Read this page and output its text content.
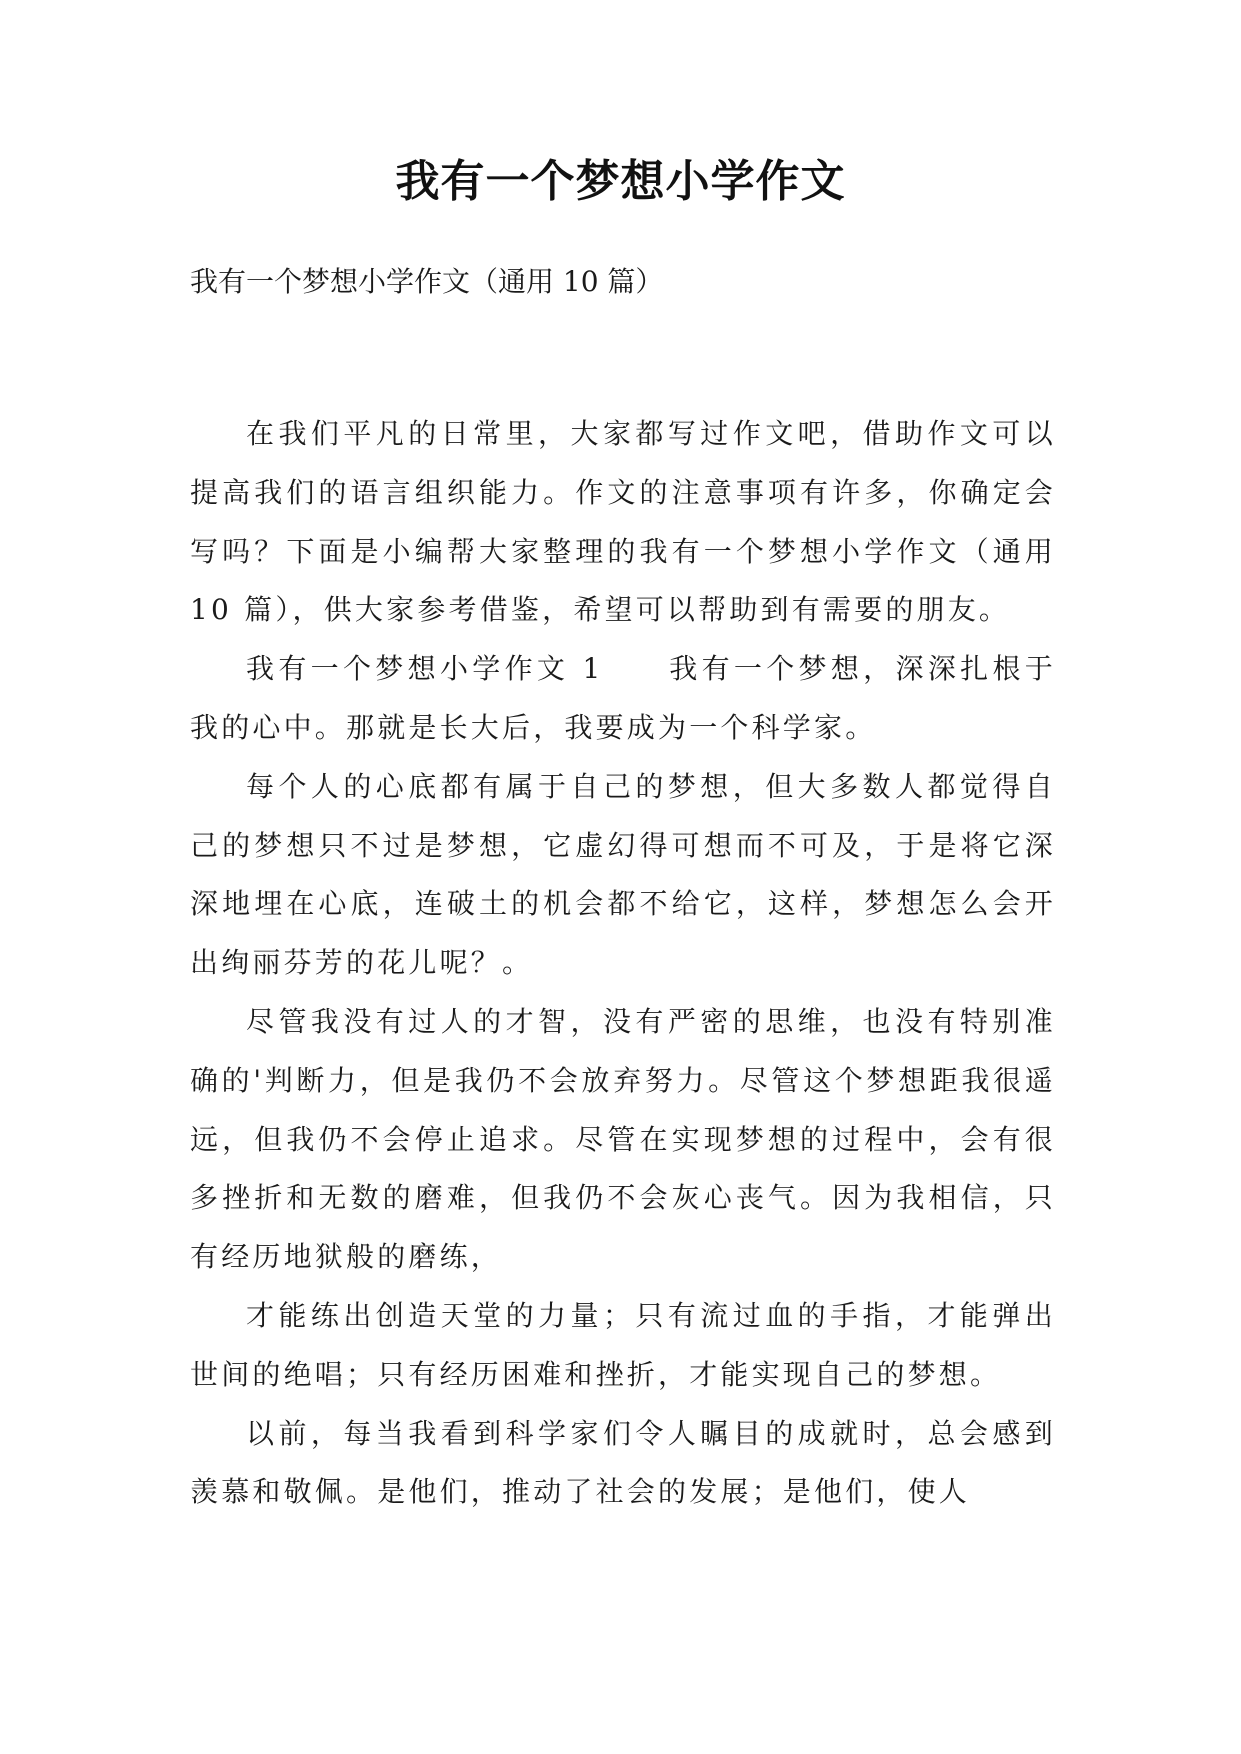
我有一个梦想小学作文
我有一个梦想小学作文（通用 10 篇）

在我们平凡的日常里，大家都写过作文吧，借助作文可以提高我们的语言组织能力。作文的注意事项有许多，你确定会写吗？下面是小编帮大家整理的我有一个梦想小学作文（通用 10 篇），供大家参考借鉴，希望可以帮助到有需要的朋友。

我有一个梦想小学作文 1　　我有一个梦想，深深扎根于我的心中。那就是长大后，我要成为一个科学家。

每个人的心底都有属于自己的梦想，但大多数人都觉得自己的梦想只不过是梦想，它虚幻得可想而不可及，于是将它深深地埋在心底，连破土的机会都不给它，这样，梦想怎么会开出绚丽芬芳的花儿呢？。

尽管我没有过人的才智，没有严密的思维，也没有特别准确的'判断力，但是我仍不会放弃努力。尽管这个梦想距我很遥远，但我仍不会停止追求。尽管在实现梦想的过程中，会有很多挫折和无数的磨难，但我仍不会灰心丧气。因为我相信，只有经历地狱般的磨练，

才能练出创造天堂的力量；只有流过血的手指，才能弹出世间的绝唱；只有经历困难和挫折，才能实现自己的梦想。

以前，每当我看到科学家们令人瞩目的成就时，总会感到羡慕和敬佩。是他们，推动了社会的发展；是他们，使人
